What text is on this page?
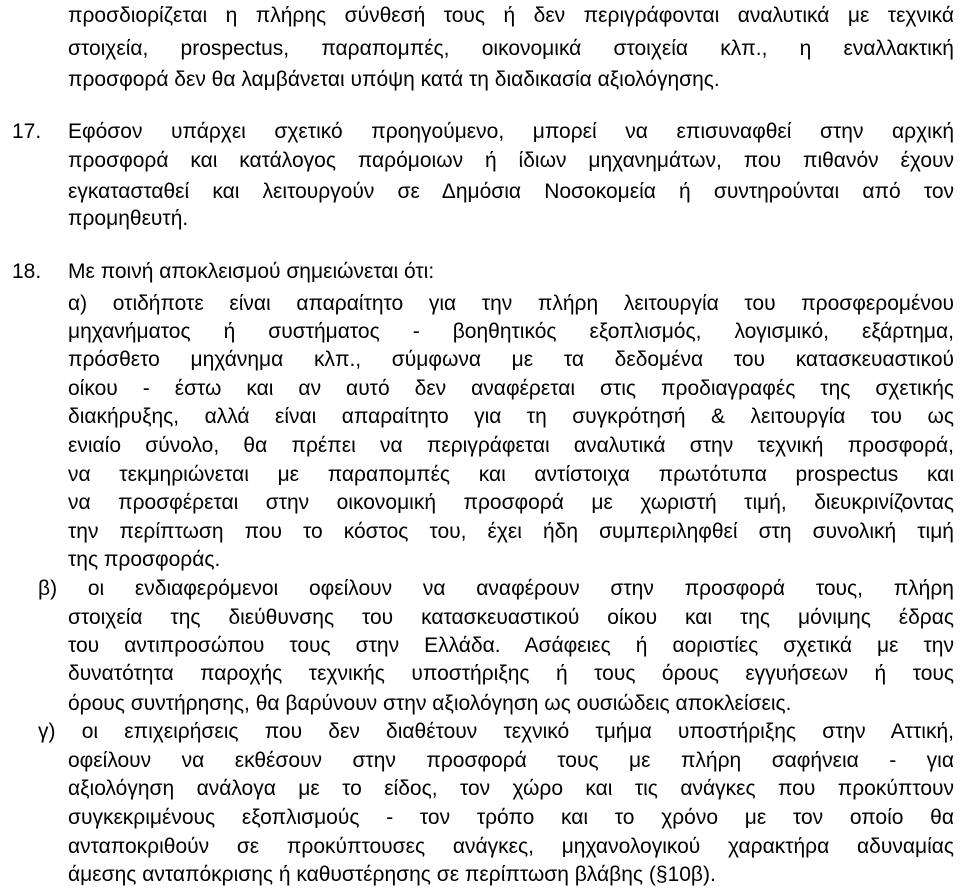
προσδιορίζεται η πλήρης σύνθεσή τους ή δεν περιγράφονται αναλυτικά με τεχνικά
στοιχεία, prospectus, παραπομπές, οικονομικά στοιχεία κλπ., η εναλλακτική
προσφορά δεν θα λαμβάνεται υπόψη κατά τη διαδικασία αξιολόγησης.
17. Εφόσον υπάρχει σχετικό προηγούμενο, μπορεί να επισυναφθεί στην αρχική
προσφορά και κατάλογος παρόμοιων ή ίδιων μηχανημάτων, που πιθανόν έχουν
εγκατασταθεί και λειτουργούν σε Δημόσια Νοσοκομεία ή συντηρούνται από τον
προμηθευτή.
18. Με ποινή αποκλεισμού σημειώνεται ότι:
α) οτιδήποτε είναι απαραίτητο για την πλήρη λειτουργία του προσφερομένου
μηχανήματος ή συστήματος - βοηθητικός εξοπλισμός, λογισμικό, εξάρτημα,
πρόσθετο μηχάνημα κλπ., σύμφωνα με τα δεδομένα του κατασκευαστικού
οίκου - έστω και αν αυτό δεν αναφέρεται στις προδιαγραφές της σχετικής
διακήρυξης, αλλά είναι απαραίτητο για τη συγκρότησή & λειτουργία του ως
ενιαίο σύνολο, θα πρέπει να περιγράφεται αναλυτικά στην τεχνική προσφορά,
να τεκμηριώνεται με παραπομπές και αντίστοιχα πρωτότυπα prospectus και
να προσφέρεται στην οικονομική προσφορά με χωριστή τιμή, διευκρινίζοντας
την περίπτωση που το κόστος του, έχει ήδη συμπεριληφθεί στη συνολική τιμή
της προσφοράς.
β) οι ενδιαφερόμενοι οφείλουν να αναφέρουν στην προσφορά τους, πλήρη
στοιχεία της διεύθυνσης του κατασκευαστικού οίκου και της μόνιμης έδρας
του αντιπροσώπου τους στην Ελλάδα. Ασάφειες ή αοριστίες σχετικά με την
δυνατότητα παροχής τεχνικής υποστήριξης ή τους όρους εγγυήσεων ή τους
όρους συντήρησης, θα βαρύνουν στην αξιολόγηση ως ουσιώδεις αποκλείσεις.
γ) οι επιχειρήσεις που δεν διαθέτουν τεχνικό τμήμα υποστήριξης στην Αττική,
οφείλουν να εκθέσουν στην προσφορά τους με πλήρη σαφήνεια - για
αξιολόγηση ανάλογα με το είδος, τον χώρο και τις ανάγκες που προκύπτουν
συγκεκριμένους εξοπλισμούς - τον τρόπο και το χρόνο με τον οποίο θα
ανταποκριθούν σε προκύπτουσες ανάγκες, μηχανολογικού χαρακτήρα αδυναμίας
άμεσης ανταπόκρισης ή καθυστέρησης σε περίπτωση βλάβης (§10β).
